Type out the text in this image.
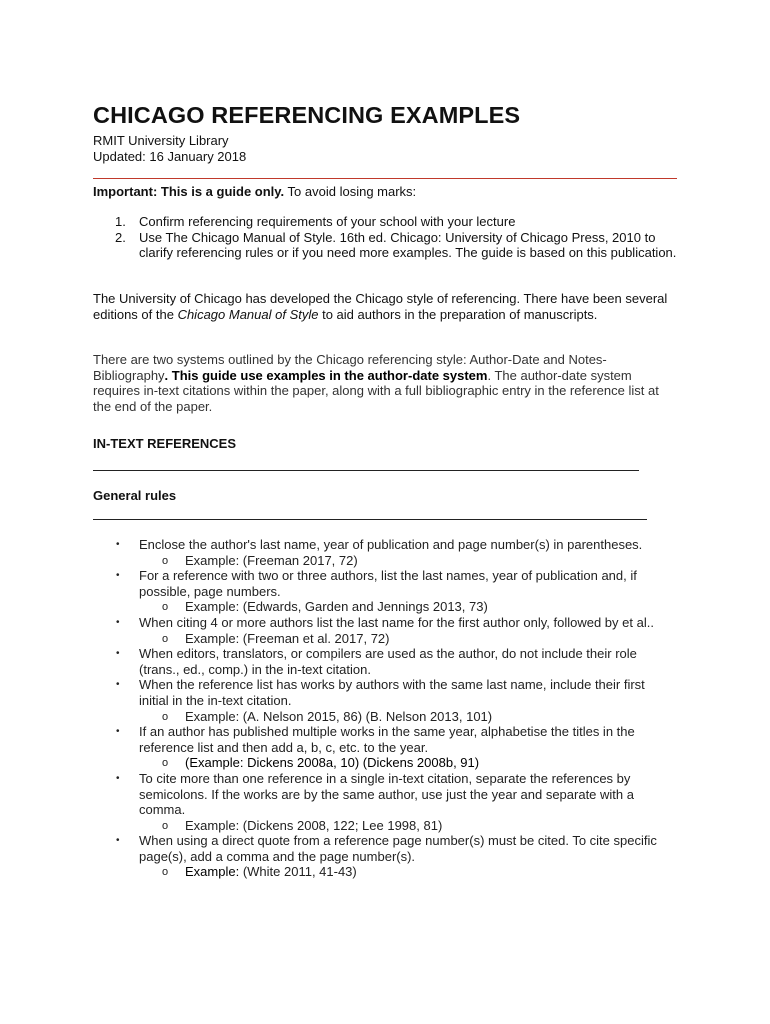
CHICAGO REFERENCING EXAMPLES
RMIT University Library
Updated: 16 January 2018
Important: This is a guide only. To avoid losing marks:
1. Confirm referencing requirements of your school with your lecture
2. Use The Chicago Manual of Style. 16th ed. Chicago: University of Chicago Press, 2010 to clarify referencing rules or if you need more examples. The guide is based on this publication.
The University of Chicago has developed the Chicago style of referencing. There have been several editions of the Chicago Manual of Style to aid authors in the preparation of manuscripts.
There are two systems outlined by the Chicago referencing style: Author-Date and Notes-Bibliography. This guide use examples in the author-date system. The author-date system requires in-text citations within the paper, along with a full bibliographic entry in the reference list at the end of the paper.
IN-TEXT REFERENCES
General rules
• Enclose the author's last name, year of publication and page number(s) in parentheses.
o Example: (Freeman 2017, 72)
• For a reference with two or three authors, list the last names, year of publication and, if possible, page numbers.
o Example: (Edwards, Garden and Jennings 2013, 73)
• When citing 4 or more authors list the last name for the first author only, followed by et al..
o Example: (Freeman et al. 2017, 72)
• When editors, translators, or compilers are used as the author, do not include their role (trans., ed., comp.) in the in-text citation.
• When the reference list has works by authors with the same last name, include their first initial in the in-text citation.
o Example: (A. Nelson 2015, 86) (B. Nelson 2013, 101)
• If an author has published multiple works in the same year, alphabetise the titles in the reference list and then add a, b, c, etc. to the year.
o (Example: Dickens 2008a, 10) (Dickens 2008b, 91)
• To cite more than one reference in a single in-text citation, separate the references by semicolons. If the works are by the same author, use just the year and separate with a comma.
o Example: (Dickens 2008, 122; Lee 1998, 81)
• When using a direct quote from a reference page number(s) must be cited. To cite specific page(s), add a comma and the page number(s).
o Example: (White 2011, 41-43)
